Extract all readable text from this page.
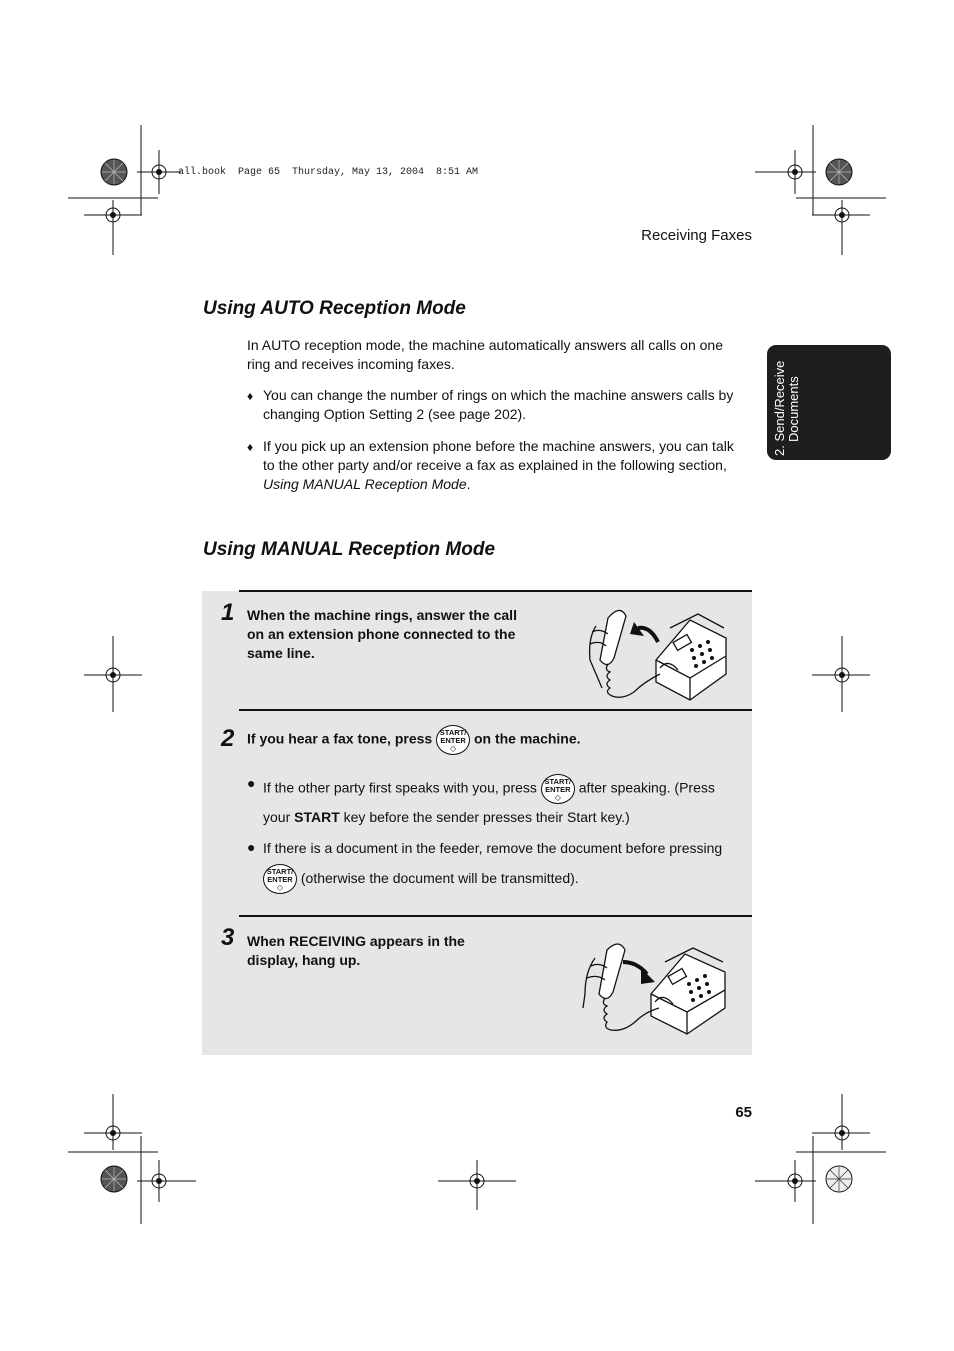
all.book  Page 65  Thursday, May 13, 2004  8:51 AM
Receiving Faxes
2. Send/Receive Documents
Using AUTO Reception Mode
In AUTO reception mode, the machine automatically answers all calls on one ring and receives incoming faxes.
♦ You can change the number of rings on which the machine answers calls by changing Option Setting 2 (see page 202).
♦ If you pick up an extension phone before the machine answers, you can talk to the other party and/or receive a fax as explained in the following section, Using MANUAL Reception Mode.
Using MANUAL Reception Mode
1 When the machine rings, answer the call on an extension phone connected to the same line.
2 If you hear a fax tone, press START/
ENTER
◇
on the machine.
● If the other party first speaks with you, press START/
ENTER
◇
after speaking. (Press your START key before the sender presses their Start key.)
● If there is a document in the feeder, remove the document before pressing START/
ENTER
◇
(otherwise the document will be transmitted).
3 When RECEIVING appears in the display, hang up.
65
